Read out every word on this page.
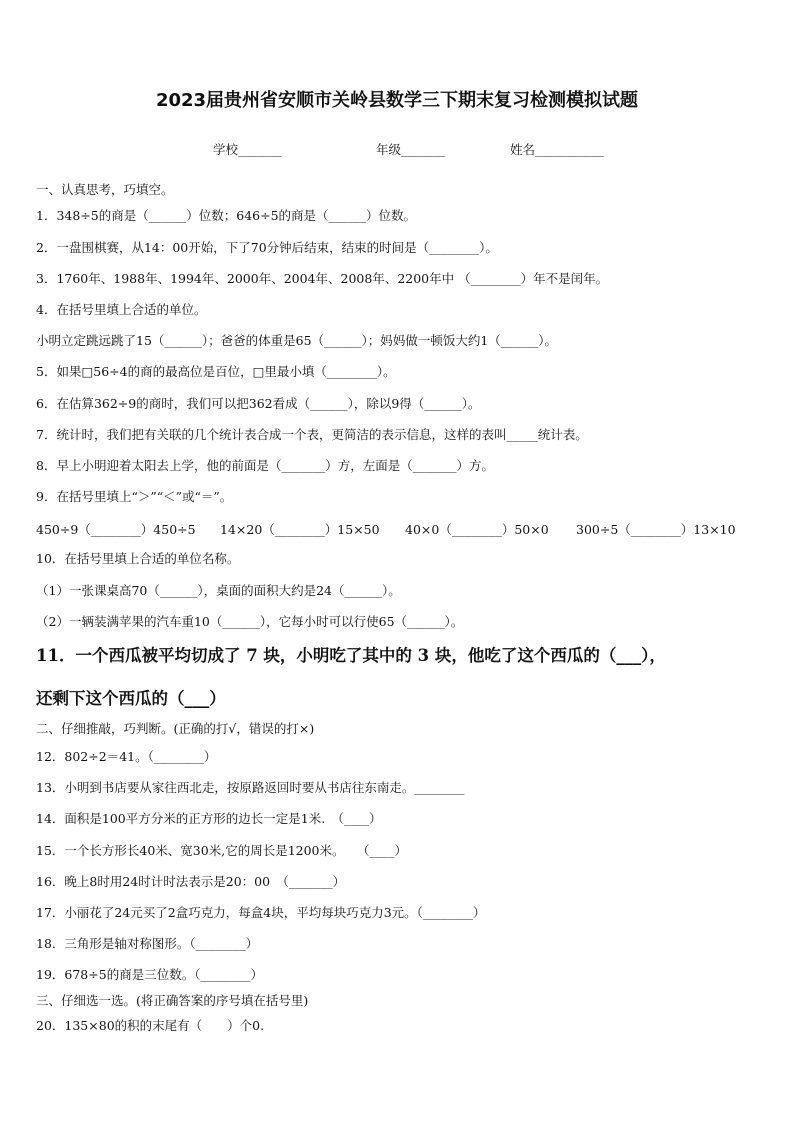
2023届贵州省安顺市关岭县数学三下期末复习检测模拟试题
学校_______	年级_______	姓名___________
一、认真思考，巧填空。
1．348÷5的商是（______）位数；646÷5的商是（______）位数。
2．一盘围棋赛，从14：00开始，下了70分钟后结束，结束的时间是（________）。
3．1760年、1988年、1994年、2000年、2004年、2008年、2200年中 （________）年不是闰年。
4．在括号里填上合适的单位。
小明立定跳远跳了15（______）；爸爸的体重是65（______）；妈妈做一顿饭大约1（______）。
5．如果□56÷4的商的最高位是百位，□里最小填（________）。
6．在估算362÷9的商时，我们可以把362看成（______），除以9得（______）。
7．统计时，我们把有关联的几个统计表合成一个表，更简洁的表示信息，这样的表叫_____统计表。
8．早上小明迎着太阳去上学，他的前面是（_______）方，左面是（_______）方。
9．在括号里填上“＞”“＜”或“＝”。
450÷9（________）450÷5 14×20（________）15×50 40×0（________）50×0 300÷5（________）13×10
10．在括号里填上合适的单位名称。
（1）一张课桌高70（______），桌面的面积大约是24（______）。
（2）一辆装满苹果的汽车重10（______），它每小时可以行使65（______）。
11．一个西瓜被平均切成了 7 块，小明吃了其中的 3 块，他吃了这个西瓜的（___），
还剩下这个西瓜的（___）
二、仔细推敲，巧判断。(正确的打√，错误的打×)
12．802÷2＝41。（________）
13．小明到书店要从家往西北走，按原路返回时要从书店往东南走。________
14．面积是100平方分米的正方形的边长一定是1米.　（____）
15．一个长方形长40米、宽30米,它的周长是1200米。　　（____）
16．晚上8时用24时计时法表示是20：00　（_______）
17．小丽花了24元买了2盒巧克力，每盒4块，平均每块巧克力3元。（________）
18．三角形是轴对称图形。（________）
19．678÷5的商是三位数。（________）
三、仔细选一选。(将正确答案的序号填在括号里)
20．135×80的积的末尾有（　　）个0.
